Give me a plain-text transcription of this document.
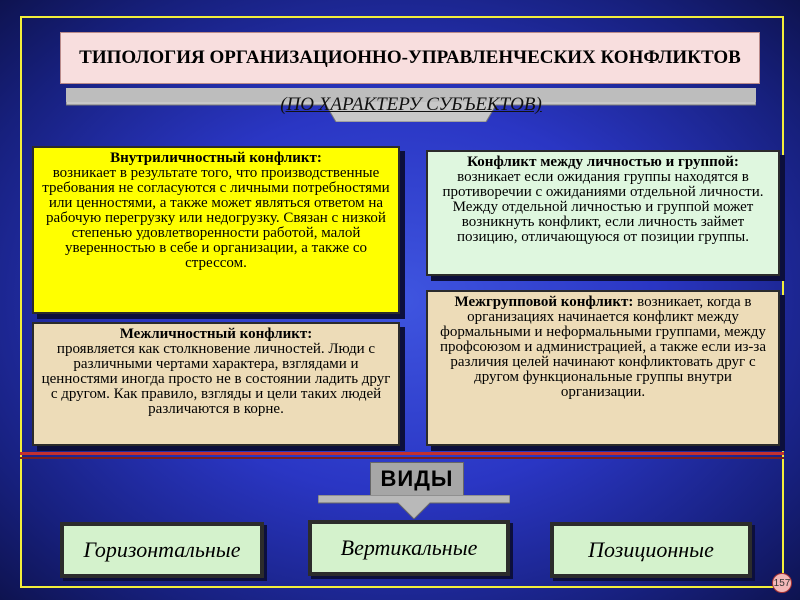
ТИПОЛОГИЯ ОРГАНИЗАЦИОННО-УПРАВЛЕНЧЕСКИХ КОНФЛИКТОВ
(ПО ХАРАКТЕРУ СУБЪЕКТОВ)
Внутриличностный конфликт:
возникает в результате того, что производственные требования не согласуются с личными потребностями или ценностями, а также может являться ответом на рабочую перегрузку или недогрузку. Связан с низкой степенью удовлетворенности работой, малой уверенностью в себе и организации, а также со стрессом.
Конфликт между личностью и группой: возникает если ожидания группы находятся в противоречии с ожиданиями отдельной личности. Между отдельной личностью и группой может возникнуть конфликт, если личность займет позицию, отличающуюся от позиции группы.
Межличностный конфликт:
проявляется как столкновение личностей. Люди с различными чертами характера, взглядами и ценностями иногда просто не в состоянии ладить друг с другом. Как правило, взгляды и цели таких людей различаются в корне.
Межгрупповой конфликт: возникает, когда в организациях начинается конфликт между формальными и неформальными группами, между профсоюзом и администрацией, а также если из-за различия целей начинают конфликтовать друг с другом функциональные группы внутри организации.
ВИДЫ
Горизонтальные	Вертикальные	Позиционные
157
